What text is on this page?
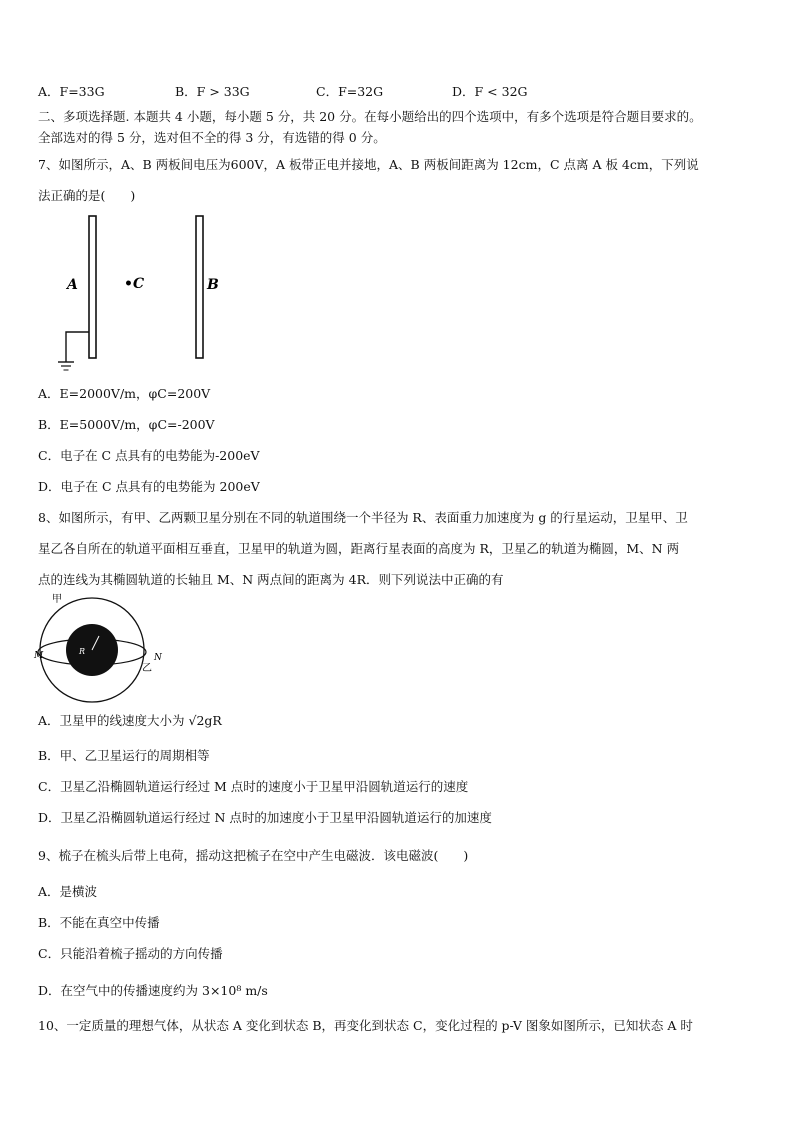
A．F=33G	B．F > 33G	C．F=32G	D．F < 32G
二、多项选择题. 本题共 4 小题，每小题 5 分，共 20 分。在每小题给出的四个选项中，有多个选项是符合题目要求的。
全部选对的得 5 分，选对但不全的得 3 分，有选错的得 0 分。
7、如图所示，A、B 两板间电压为600V，A 板带正电并接地，A、B 两板间距离为 12cm，C 点离 A 板 4cm，下列说
法正确的是(　　)
A	•C	B
A．E=2000V/m，φC=200V
B．E=5000V/m，φC=-200V
C．电子在 C 点具有的电势能为-200eV
D．电子在 C 点具有的电势能为 200eV
8、如图所示，有甲、乙两颗卫星分别在不同的轨道围绕一个半径为 R、表面重力加速度为 g 的行星运动，卫星甲、卫
星乙各自所在的轨道平面相互垂直，卫星甲的轨道为圆，距离行星表面的高度为 R，卫星乙的轨道为椭圆，M、N 两
点的连线为其椭圆轨道的长轴且 M、N 两点间的距离为 4R．则下列说法中正确的有
R
甲
M	N
乙
A．卫星甲的线速度大小为 √2gR
B．甲、乙卫星运行的周期相等
C．卫星乙沿椭圆轨道运行经过 M 点时的速度小于卫星甲沿圆轨道运行的速度
D．卫星乙沿椭圆轨道运行经过 N 点时的加速度小于卫星甲沿圆轨道运行的加速度
9、梳子在梳头后带上电荷，摇动这把梳子在空中产生电磁波．该电磁波(　　)
A．是横波
B．不能在真空中传播
C．只能沿着梳子摇动的方向传播
D．在空气中的传播速度约为 3×10⁸ m/s
10、一定质量的理想气体，从状态 A 变化到状态 B，再变化到状态 C，变化过程的 p-V 图象如图所示，已知状态 A 时
